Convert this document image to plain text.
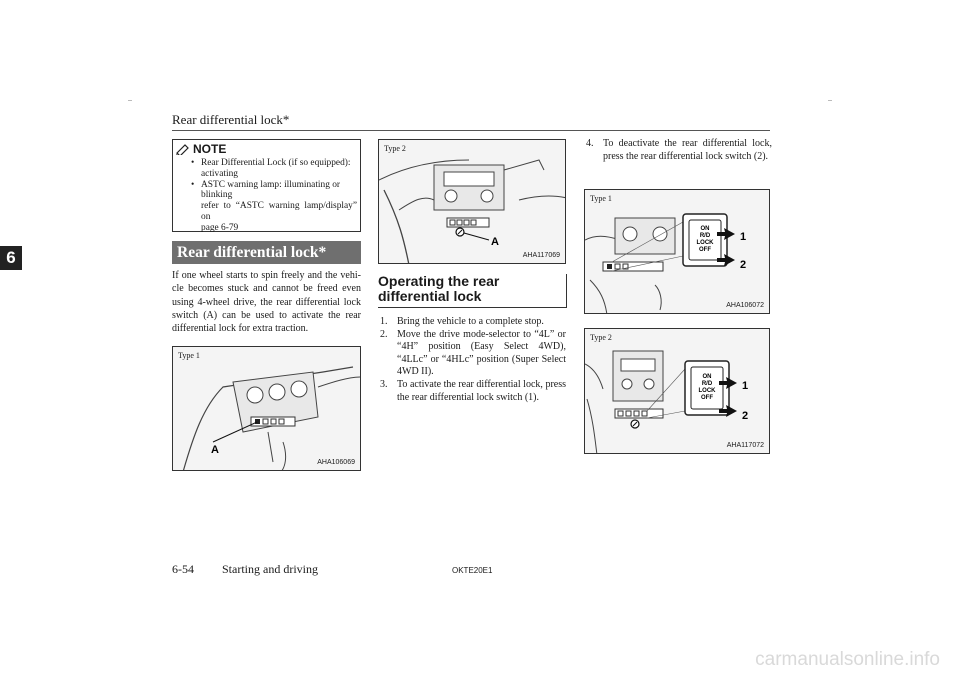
Rear differential lock*
6
NOTE
• Rear Differential Lock (if so equipped):
activating
• ASTC warning lamp: illuminating or
blinking
refer to “ASTC warning lamp/display” on
page 6-79
Rear differential lock*
If one wheel starts to spin freely and the vehicle becomes stuck and cannot be freed even using 4-wheel drive, the rear differential lock switch (A) can be used to activate the rear differential lock for extra traction.
A
Type 1
AHA106069
A
Type 2
AHA117069
Operating the rear differential lock
1. Bring the vehicle to a complete stop.
2. Move the drive mode-selector to “4L” or “4H” position (Easy Select 4WD), “4LLc” or “4HLc” position (Super Select 4WD II).
3. To activate the rear differential lock, press the rear differential lock switch (1).
4. To deactivate the rear differential lock, press the rear differential lock switch (2).
ON
R/D
LOCK
OFF
1
2
Type 1
AHA106072
ON
R/D
LOCK
OFF
1
2
Type 2
AHA117072
6-54 Starting and driving	OKTE20E1
carmanualsonline.info
